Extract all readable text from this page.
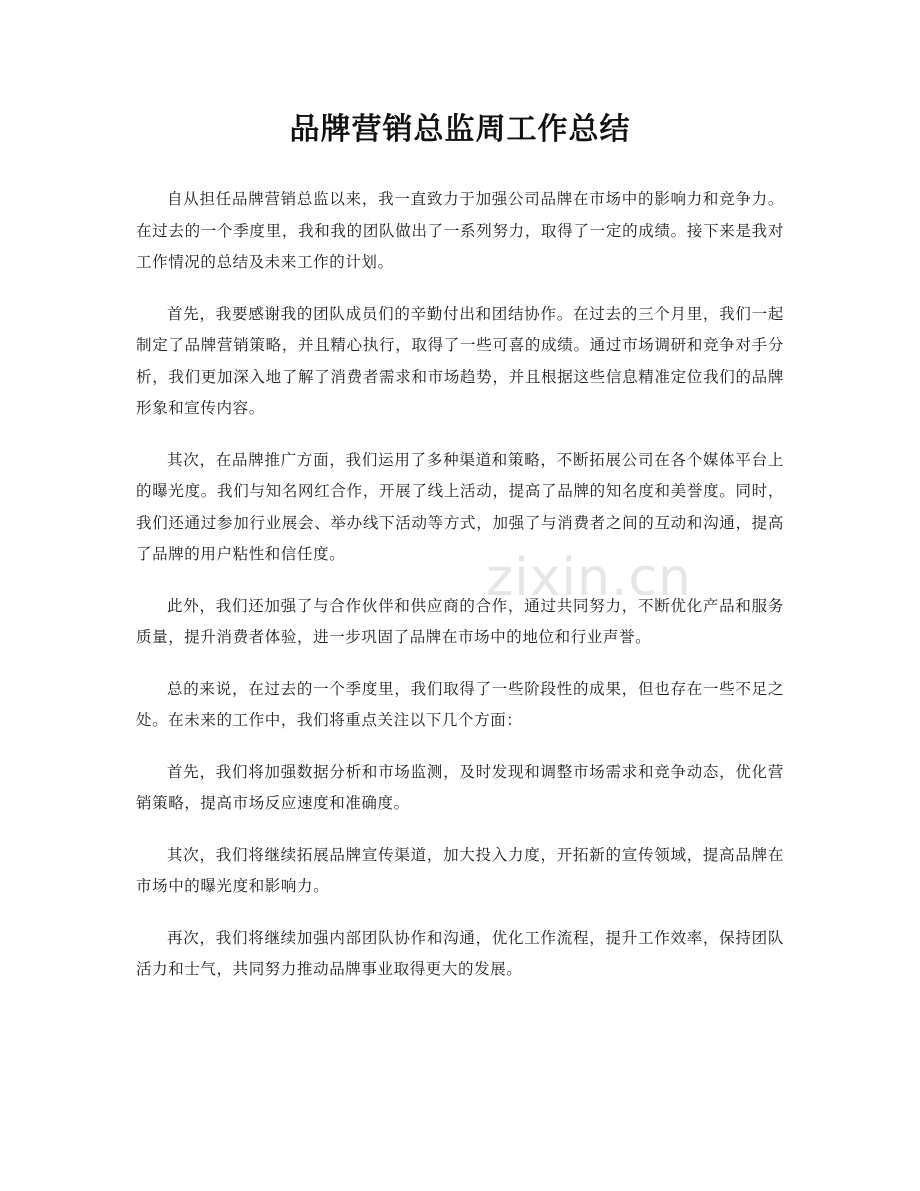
品牌营销总监周工作总结

自从担任品牌营销总监以来，我一直致力于加强公司品牌在市场中的影响力和竞争力。在过去的一个季度里，我和我的团队做出了一系列努力，取得了一定的成绩。接下来是我对工作情况的总结及未来工作的计划。

首先，我要感谢我的团队成员们的辛勤付出和团结协作。在过去的三个月里，我们一起制定了品牌营销策略，并且精心执行，取得了一些可喜的成绩。通过市场调研和竞争对手分析，我们更加深入地了解了消费者需求和市场趋势，并且根据这些信息精准定位我们的品牌形象和宣传内容。

其次，在品牌推广方面，我们运用了多种渠道和策略，不断拓展公司在各个媒体平台上的曝光度。我们与知名网红合作，开展了线上活动，提高了品牌的知名度和美誉度。同时，我们还通过参加行业展会、举办线下活动等方式，加强了与消费者之间的互动和沟通，提高了品牌的用户粘性和信任度。

此外，我们还加强了与合作伙伴和供应商的合作，通过共同努力，不断优化产品和服务质量，提升消费者体验，进一步巩固了品牌在市场中的地位和行业声誉。

总的来说，在过去的一个季度里，我们取得了一些阶段性的成果，但也存在一些不足之处。在未来的工作中，我们将重点关注以下几个方面：

首先，我们将加强数据分析和市场监测，及时发现和调整市场需求和竞争动态，优化营销策略，提高市场反应速度和准确度。

其次，我们将继续拓展品牌宣传渠道，加大投入力度，开拓新的宣传领域，提高品牌在市场中的曝光度和影响力。

再次，我们将继续加强内部团队协作和沟通，优化工作流程，提升工作效率，保持团队活力和士气，共同努力推动品牌事业取得更大的发展。

zixin.cn
